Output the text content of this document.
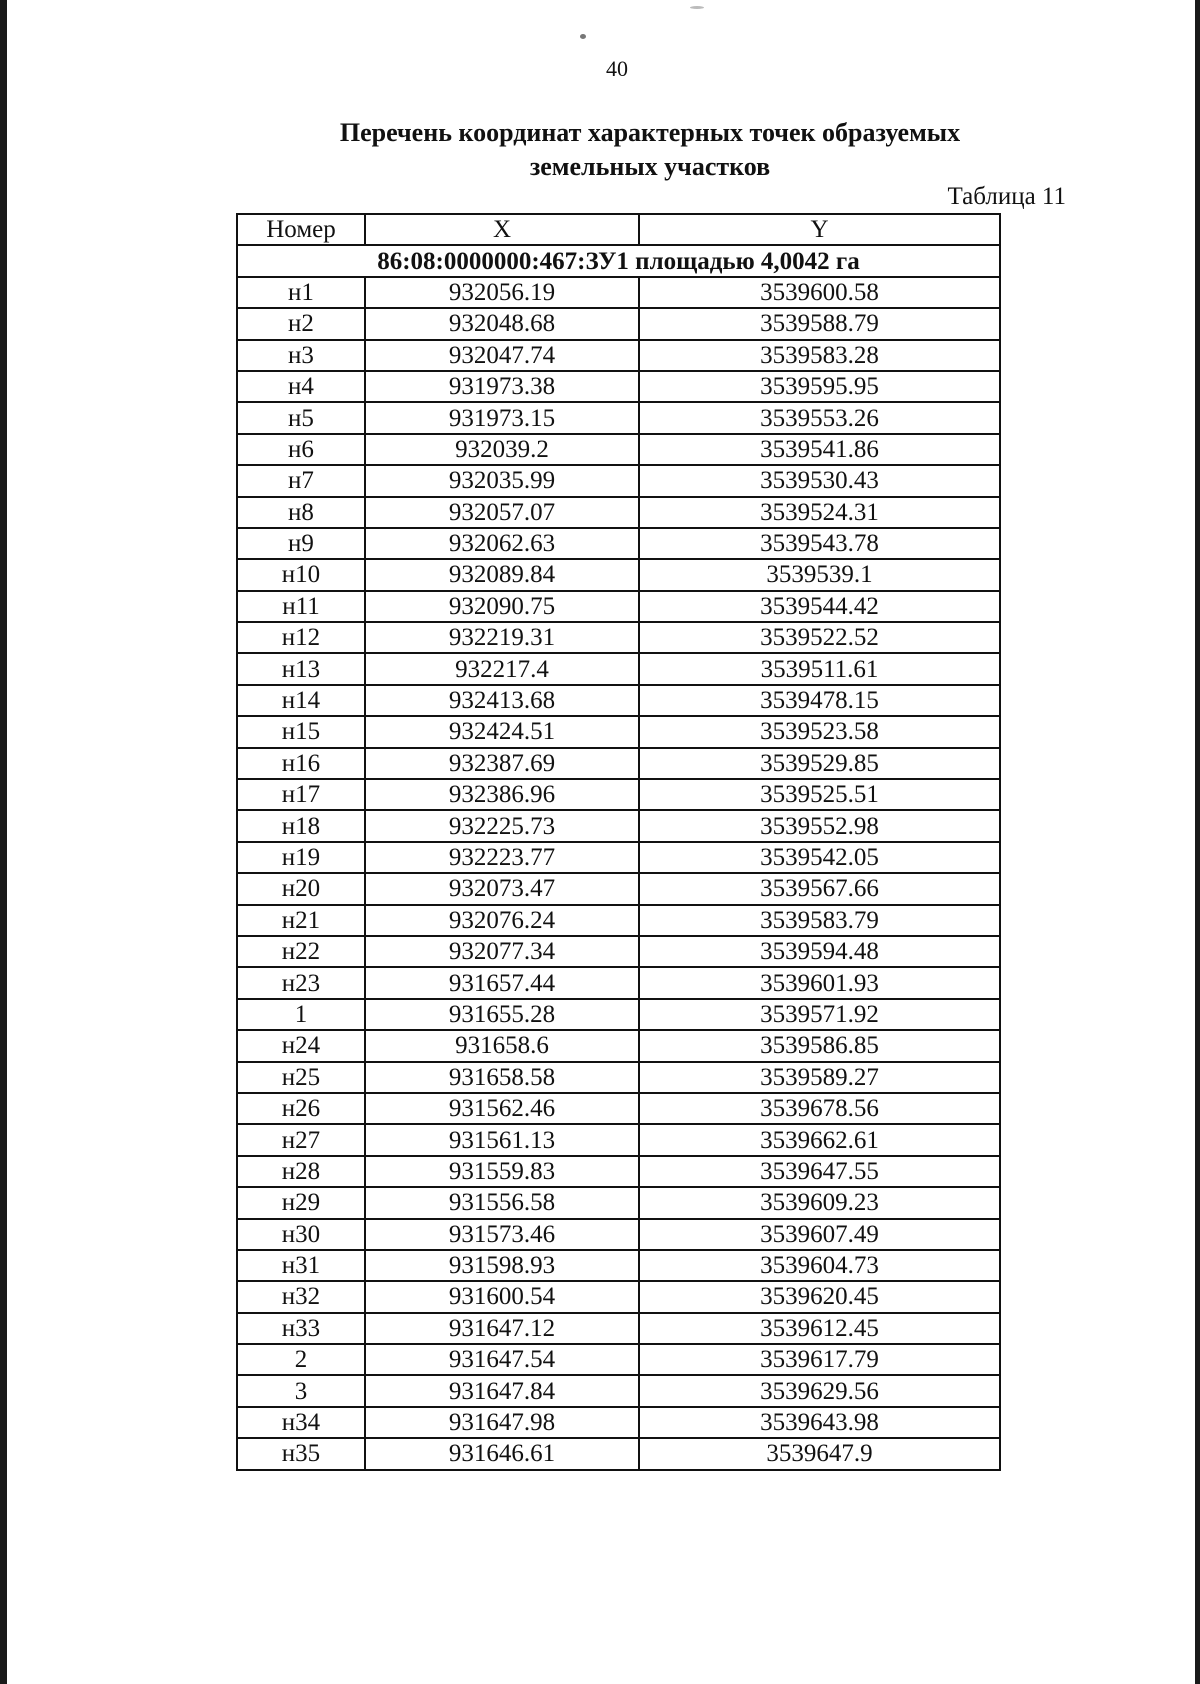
40
Перечень координат характерных точек образуемых
земельных участков
Таблица 11
Номер	X	Y
86:08:0000000:467:ЗУ1 площадью 4,0042 га		
н1	932056.19	3539600.58
н2	932048.68	3539588.79
н3	932047.74	3539583.28
н4	931973.38	3539595.95
н5	931973.15	3539553.26
н6	932039.2	3539541.86
н7	932035.99	3539530.43
н8	932057.07	3539524.31
н9	932062.63	3539543.78
н10	932089.84	3539539.1
н11	932090.75	3539544.42
н12	932219.31	3539522.52
н13	932217.4	3539511.61
н14	932413.68	3539478.15
н15	932424.51	3539523.58
н16	932387.69	3539529.85
н17	932386.96	3539525.51
н18	932225.73	3539552.98
н19	932223.77	3539542.05
н20	932073.47	3539567.66
н21	932076.24	3539583.79
н22	932077.34	3539594.48
н23	931657.44	3539601.93
1	931655.28	3539571.92
н24	931658.6	3539586.85
н25	931658.58	3539589.27
н26	931562.46	3539678.56
н27	931561.13	3539662.61
н28	931559.83	3539647.55
н29	931556.58	3539609.23
н30	931573.46	3539607.49
н31	931598.93	3539604.73
н32	931600.54	3539620.45
н33	931647.12	3539612.45
2	931647.54	3539617.79
3	931647.84	3539629.56
н34	931647.98	3539643.98
н35	931646.61	3539647.9
